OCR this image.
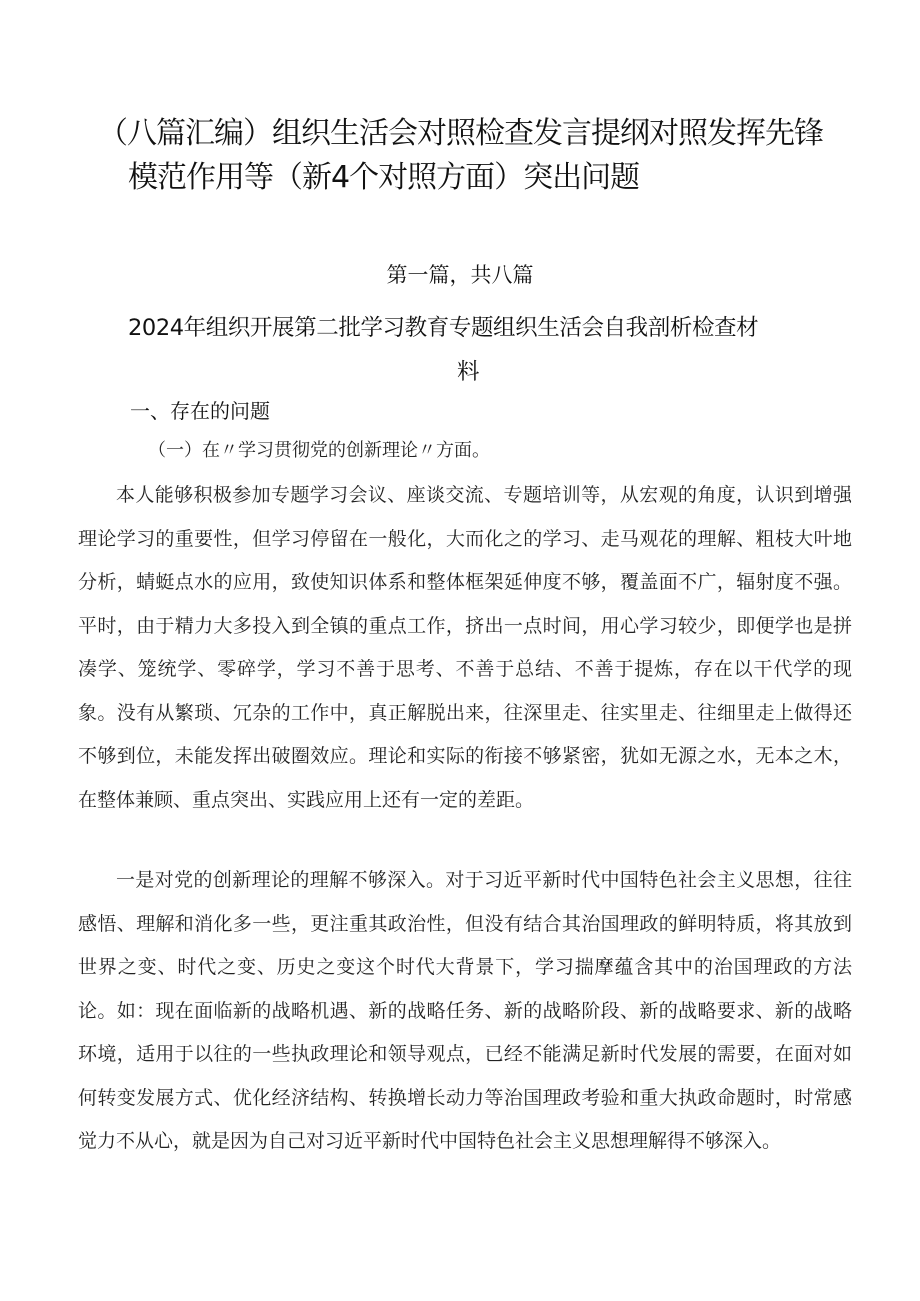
（八篇汇编）组织生活会对照检查发言提纲对照发挥先锋
模范作用等（新4个对照方面）突出问题
第一篇，共八篇
2024年组织开展第二批学习教育专题组织生活会自我剖析检查材
料
一、存在的问题
（一）在〃学习贯彻党的创新理论〃方面。

本人能够积极参加专题学习会议、座谈交流、专题培训等，从宏观的角度，认识到增强理论学习的重要性，但学习停留在一般化，大而化之的学习、走马观花的理解、粗枝大叶地分析，蜻蜓点水的应用，致使知识体系和整体框架延伸度不够，覆盖面不广，辐射度不强。平时，由于精力大多投入到全镇的重点工作，挤出一点时间，用心学习较少，即便学也是拼凑学、笼统学、零碎学，学习不善于思考、不善于总结、不善于提炼，存在以干代学的现象。没有从繁琐、冗杂的工作中，真正解脱出来，往深里走、往实里走、往细里走上做得还不够到位，未能发挥出破圈效应。理论和实际的衔接不够紧密，犹如无源之水，无本之木，在整体兼顾、重点突出、实践应用上还有一定的差距。

一是对党的创新理论的理解不够深入。对于习近平新时代中国特色社会主义思想，往往感悟、理解和消化多一些，更注重其政治性，但没有结合其治国理政的鲜明特质，将其放到世界之变、时代之变、历史之变这个时代大背景下，学习揣摩蕴含其中的治国理政的方法论。如：现在面临新的战略机遇、新的战略任务、新的战略阶段、新的战略要求、新的战略环境，适用于以往的一些执政理论和领导观点，已经不能满足新时代发展的需要，在面对如何转变发展方式、优化经济结构、转换增长动力等治国理政考验和重大执政命题时，时常感觉力不从心，就是因为自己对习近平新时代中国特色社会主义思想理解得不够深入。
